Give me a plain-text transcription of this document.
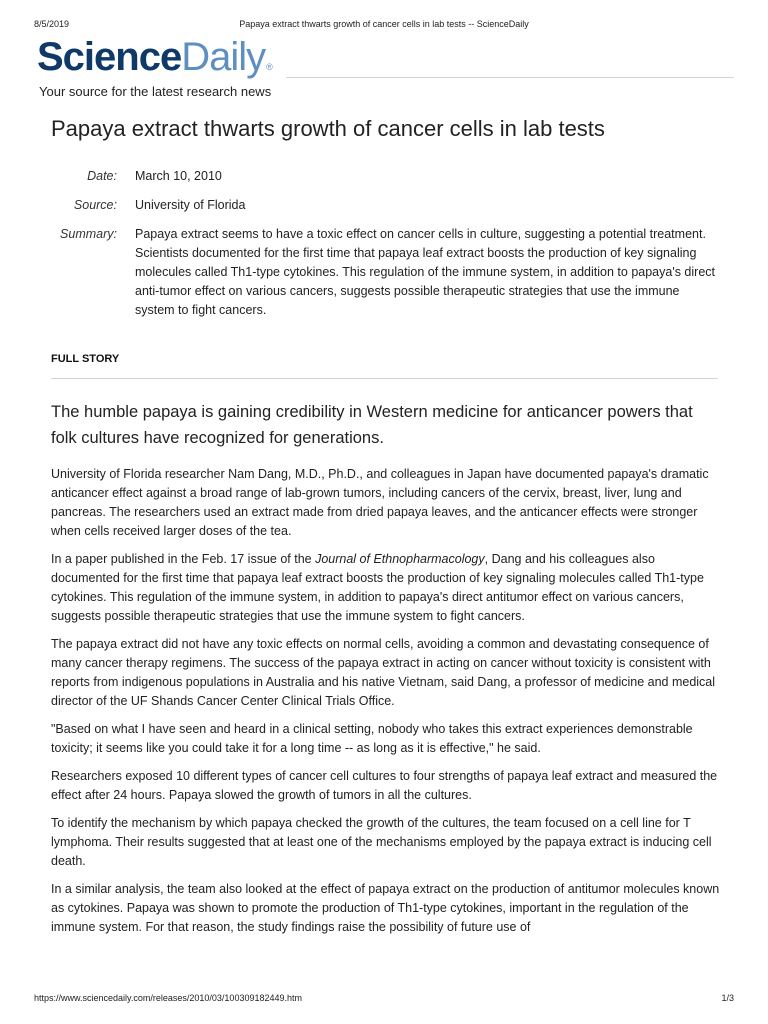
8/5/2019	Papaya extract thwarts growth of cancer cells in lab tests -- ScienceDaily
ScienceDaily®
Your source for the latest research news
Papaya extract thwarts growth of cancer cells in lab tests
Date: March 10, 2010
Source: University of Florida
Summary: Papaya extract seems to have a toxic effect on cancer cells in culture, suggesting a potential treatment. Scientists documented for the first time that papaya leaf extract boosts the production of key signaling molecules called Th1-type cytokines. This regulation of the immune system, in addition to papaya's direct anti-tumor effect on various cancers, suggests possible therapeutic strategies that use the immune system to fight cancers.
FULL STORY

The humble papaya is gaining credibility in Western medicine for anticancer powers that folk cultures have recognized for generations.

University of Florida researcher Nam Dang, M.D., Ph.D., and colleagues in Japan have documented papaya's dramatic anticancer effect against a broad range of lab-grown tumors, including cancers of the cervix, breast, liver, lung and pancreas. The researchers used an extract made from dried papaya leaves, and the anticancer effects were stronger when cells received larger doses of the tea.

In a paper published in the Feb. 17 issue of the Journal of Ethnopharmacology, Dang and his colleagues also documented for the first time that papaya leaf extract boosts the production of key signaling molecules called Th1-type cytokines. This regulation of the immune system, in addition to papaya's direct antitumor effect on various cancers, suggests possible therapeutic strategies that use the immune system to fight cancers.

The papaya extract did not have any toxic effects on normal cells, avoiding a common and devastating consequence of many cancer therapy regimens. The success of the papaya extract in acting on cancer without toxicity is consistent with reports from indigenous populations in Australia and his native Vietnam, said Dang, a professor of medicine and medical director of the UF Shands Cancer Center Clinical Trials Office.

"Based on what I have seen and heard in a clinical setting, nobody who takes this extract experiences demonstrable toxicity; it seems like you could take it for a long time -- as long as it is effective," he said.

Researchers exposed 10 different types of cancer cell cultures to four strengths of papaya leaf extract and measured the effect after 24 hours. Papaya slowed the growth of tumors in all the cultures.

To identify the mechanism by which papaya checked the growth of the cultures, the team focused on a cell line for T lymphoma. Their results suggested that at least one of the mechanisms employed by the papaya extract is inducing cell death.

In a similar analysis, the team also looked at the effect of papaya extract on the production of antitumor molecules known as cytokines. Papaya was shown to promote the production of Th1-type cytokines, important in the regulation of the immune system. For that reason, the study findings raise the possibility of future use of

https://www.sciencedaily.com/releases/2010/03/100309182449.htm	1/3
